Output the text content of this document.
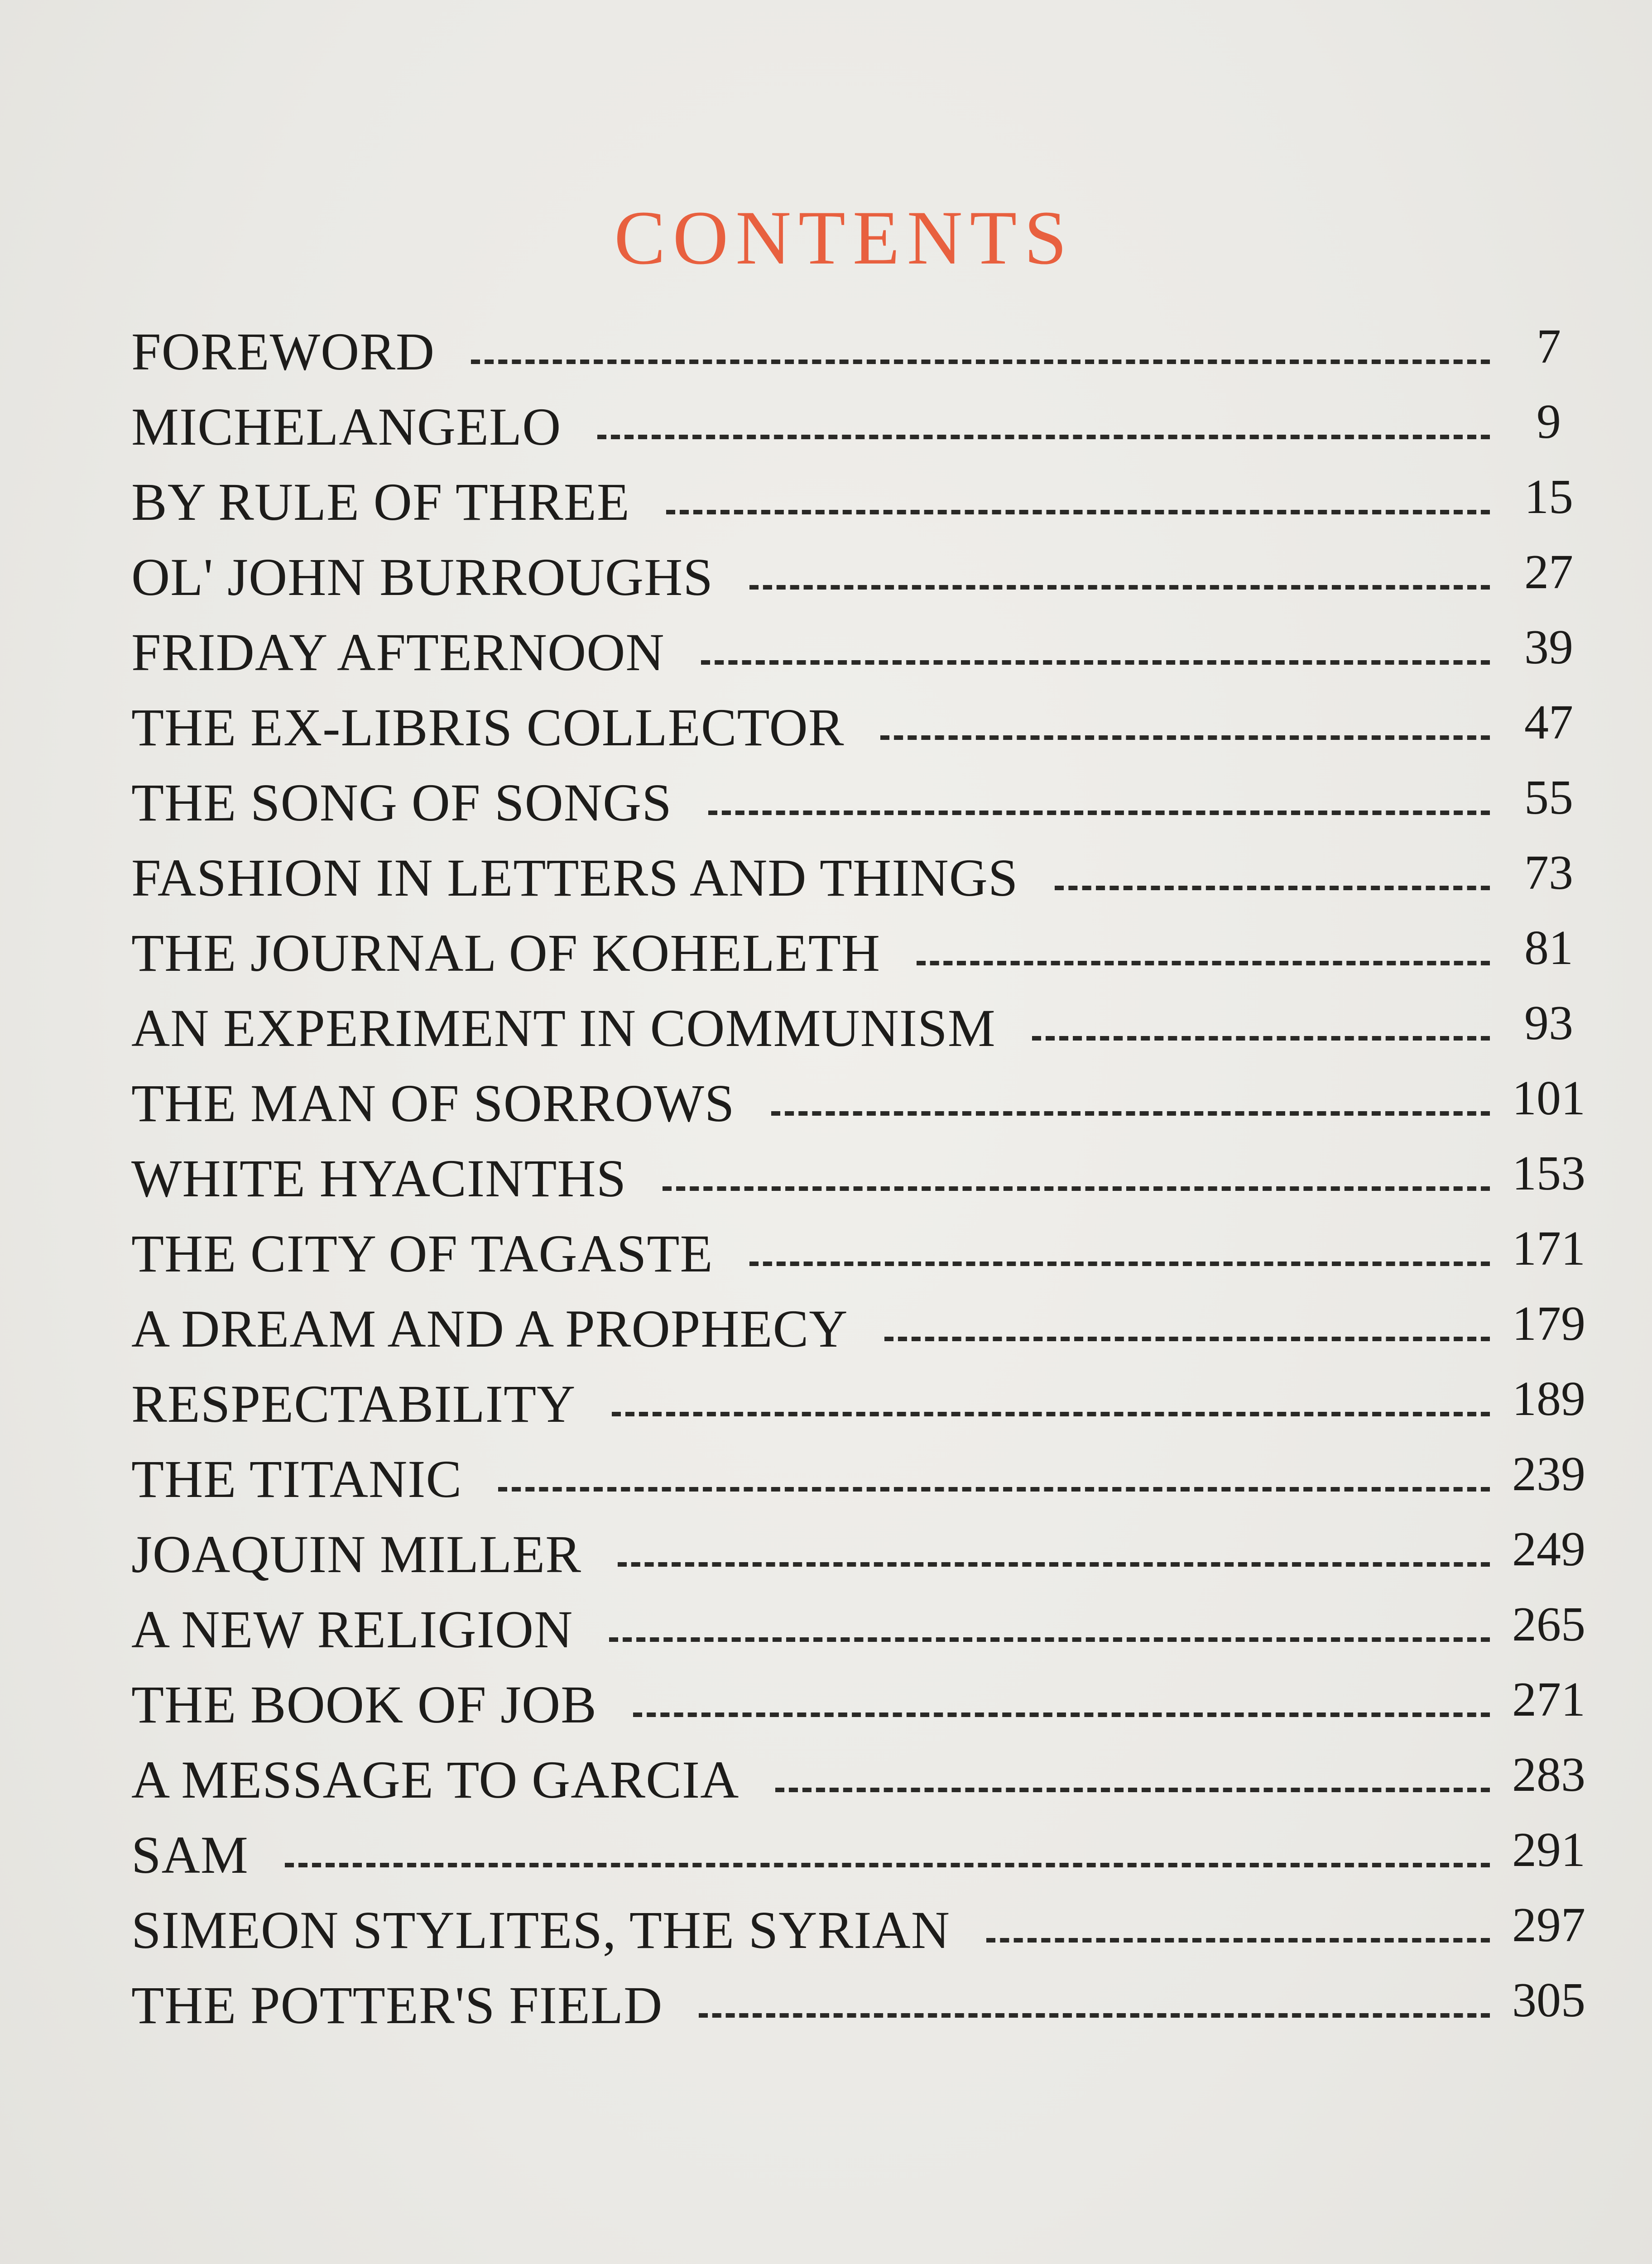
CONTENTS
FOREWORD	7
MICHELANGELO	9
BY RULE OF THREE	15
OL' JOHN BURROUGHS	27
FRIDAY AFTERNOON	39
THE EX-LIBRIS COLLECTOR	47
THE SONG OF SONGS	55
FASHION IN LETTERS AND THINGS	73
THE JOURNAL OF KOHELETH	81
AN EXPERIMENT IN COMMUNISM	93
THE MAN OF SORROWS	101
WHITE HYACINTHS	153
THE CITY OF TAGASTE	171
A DREAM AND A PROPHECY	179
RESPECTABILITY	189
THE TITANIC	239
JOAQUIN MILLER	249
A NEW RELIGION	265
THE BOOK OF JOB	271
A MESSAGE TO GARCIA	283
SAM	291
SIMEON STYLITES, THE SYRIAN	297
THE POTTER'S FIELD	305
